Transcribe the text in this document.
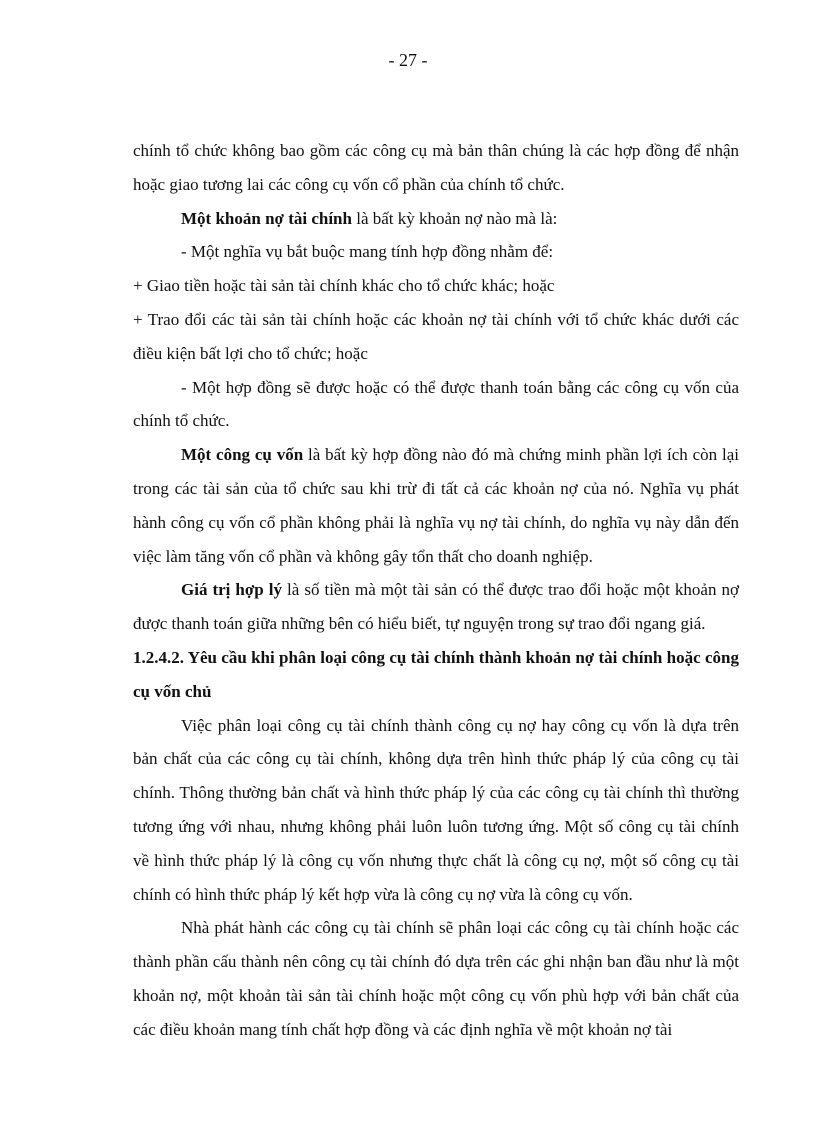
- 27 -

chính tổ chức không bao gồm các công cụ mà bản thân chúng là các hợp đồng để nhận hoặc giao tương lai các công cụ vốn cổ phần của chính tổ chức.

Một khoản nợ tài chính là bất kỳ khoản nợ nào mà là:

- Một nghĩa vụ bắt buộc mang tính hợp đồng nhằm để:

+ Giao tiền hoặc tài sản tài chính khác cho tổ chức khác; hoặc

+ Trao đổi các tài sản tài chính hoặc các khoản nợ tài chính với tổ chức khác dưới các điều kiện bất lợi cho tổ chức; hoặc

- Một hợp đồng sẽ được hoặc có thể được thanh toán bằng các công cụ vốn của chính tổ chức.

Một công cụ vốn là bất kỳ hợp đồng nào đó mà chứng minh phần lợi ích còn lại trong các tài sản của tổ chức sau khi trừ đi tất cả các khoản nợ của nó. Nghĩa vụ phát hành công cụ vốn cổ phần không phải là nghĩa vụ nợ tài chính, do nghĩa vụ này dẫn đến việc làm tăng vốn cổ phần và không gây tổn thất cho doanh nghiệp.

Giá trị hợp lý là số tiền mà một tài sản có thể được trao đổi hoặc một khoản nợ được thanh toán giữa những bên có hiểu biết, tự nguyện trong sự trao đổi ngang giá.

1.2.4.2. Yêu cầu khi phân loại công cụ tài chính thành khoản nợ tài chính hoặc công cụ vốn chủ

Việc phân loại công cụ tài chính thành công cụ nợ hay công cụ vốn là dựa trên bản chất của các công cụ tài chính, không dựa trên hình thức pháp lý của công cụ tài chính. Thông thường bản chất và hình thức pháp lý của các công cụ tài chính thì thường tương ứng với nhau, nhưng không phải luôn luôn tương ứng. Một số công cụ tài chính về hình thức pháp lý là công cụ vốn nhưng thực chất là công cụ nợ, một số công cụ tài chính có hình thức pháp lý kết hợp vừa là công cụ nợ vừa là công cụ vốn.

Nhà phát hành các công cụ tài chính sẽ phân loại các công cụ tài chính hoặc các thành phần cấu thành nên công cụ tài chính đó dựa trên các ghi nhận ban đầu như là một khoản nợ, một khoản tài sản tài chính hoặc một công cụ vốn phù hợp với bản chất của các điều khoản mang tính chất hợp đồng và các định nghĩa về một khoản nợ tài
